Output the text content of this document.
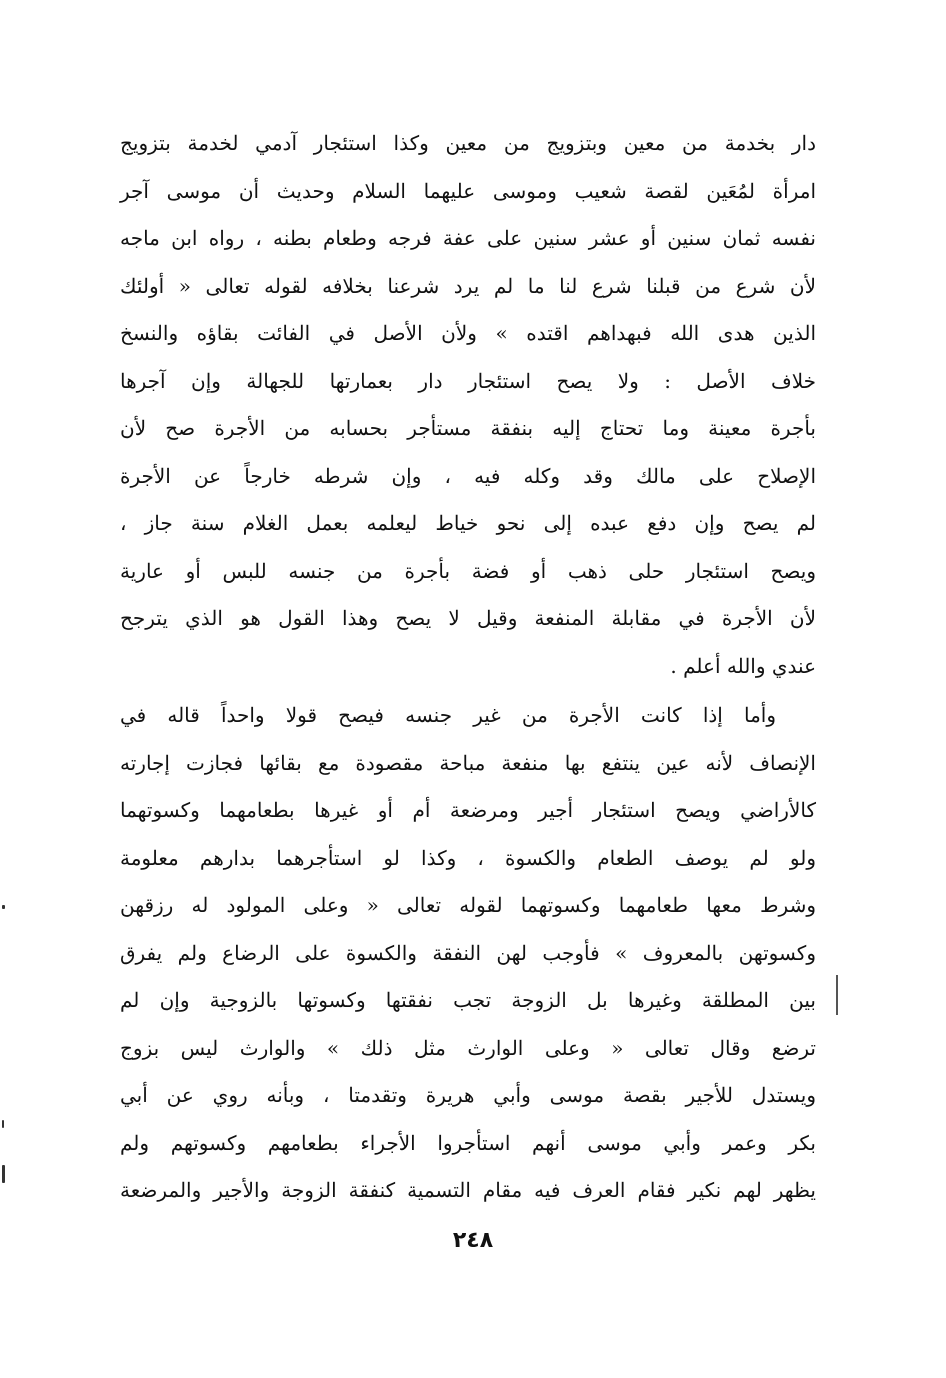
دار بخدمة من معين وبتزويج من معين وكذا استئجار آدمي لخدمة بتزويج
امرأة لمُعَين لقصة شعيب وموسى عليهما السلام وحديث أن موسى آجر
نفسه ثمان سنين أو عشر سنين على عفة فرجه وطعام بطنه ، رواه ابن ماجه
لأن شرع من قبلنا شرع لنا ما لم يرد شرعنا بخلافه لقوله تعالى « أولئك
الذين هدى الله فبهداهم اقتده » ولأن الأصل في الفائت بقاؤه والنسخ
خلاف الأصل : ولا يصح استئجار دار بعمارتها للجهالة وإن آجرها
بأجرة معينة وما تحتاج إليه بنفقة مستأجر بحسابه من الأجرة صح لأن
الإصلاح على مالك وقد وكله فيه ، وإن شرطه خارجاً عن الأجرة
لم يصح وإن دفع عبده إلى نحو خياط ليعلمه بعمل الغلام سنة جاز ،
ويصح استئجار حلى ذهب أو فضة بأجرة من جنسه للبس أو عارية
لأن الأجرة في مقابلة المنفعة وقيل لا يصح وهذا القول هو الذي يترجح
عندي والله أعلم .
وأما إذا كانت الأجرة من غير جنسه فيصح قولا واحداً قاله في
الإنصاف لأنه عين ينتفع بها منفعة مباحة مقصودة مع بقائها فجازت إجارته
كالأراضي ويصح استئجار أجير ومرضعة أم أو غيرها بطعامهما وكسوتهما
ولو لم يوصف الطعام والكسوة ، وكذا لو استأجرهما بدارهم معلومة
وشرط معها طعامهما وكسوتهما لقوله تعالى « وعلى المولود له رزقهن
وكسوتهن بالمعروف » فأوجب لهن النفقة والكسوة على الرضاع ولم يفرق
بين المطلقة وغيرها بل الزوجة تجب نفقتها وكسوتها بالزوجية وإن لم
ترضع وقال تعالى « وعلى الوارث مثل ذلك » والوارث ليس بزوج
ويستدل للأجير بقصة موسى وأبي هريرة وتقدمتا ، وبأنه روي عن أبي
بكر وعمر وأبي موسى أنهم استأجروا الأجراء بطعامهم وكسوتهم ولم
يظهر لهم نكير فقام العرف فيه مقام التسمية كنفقة الزوجة والأجير والمرضعة
٢٤٨
